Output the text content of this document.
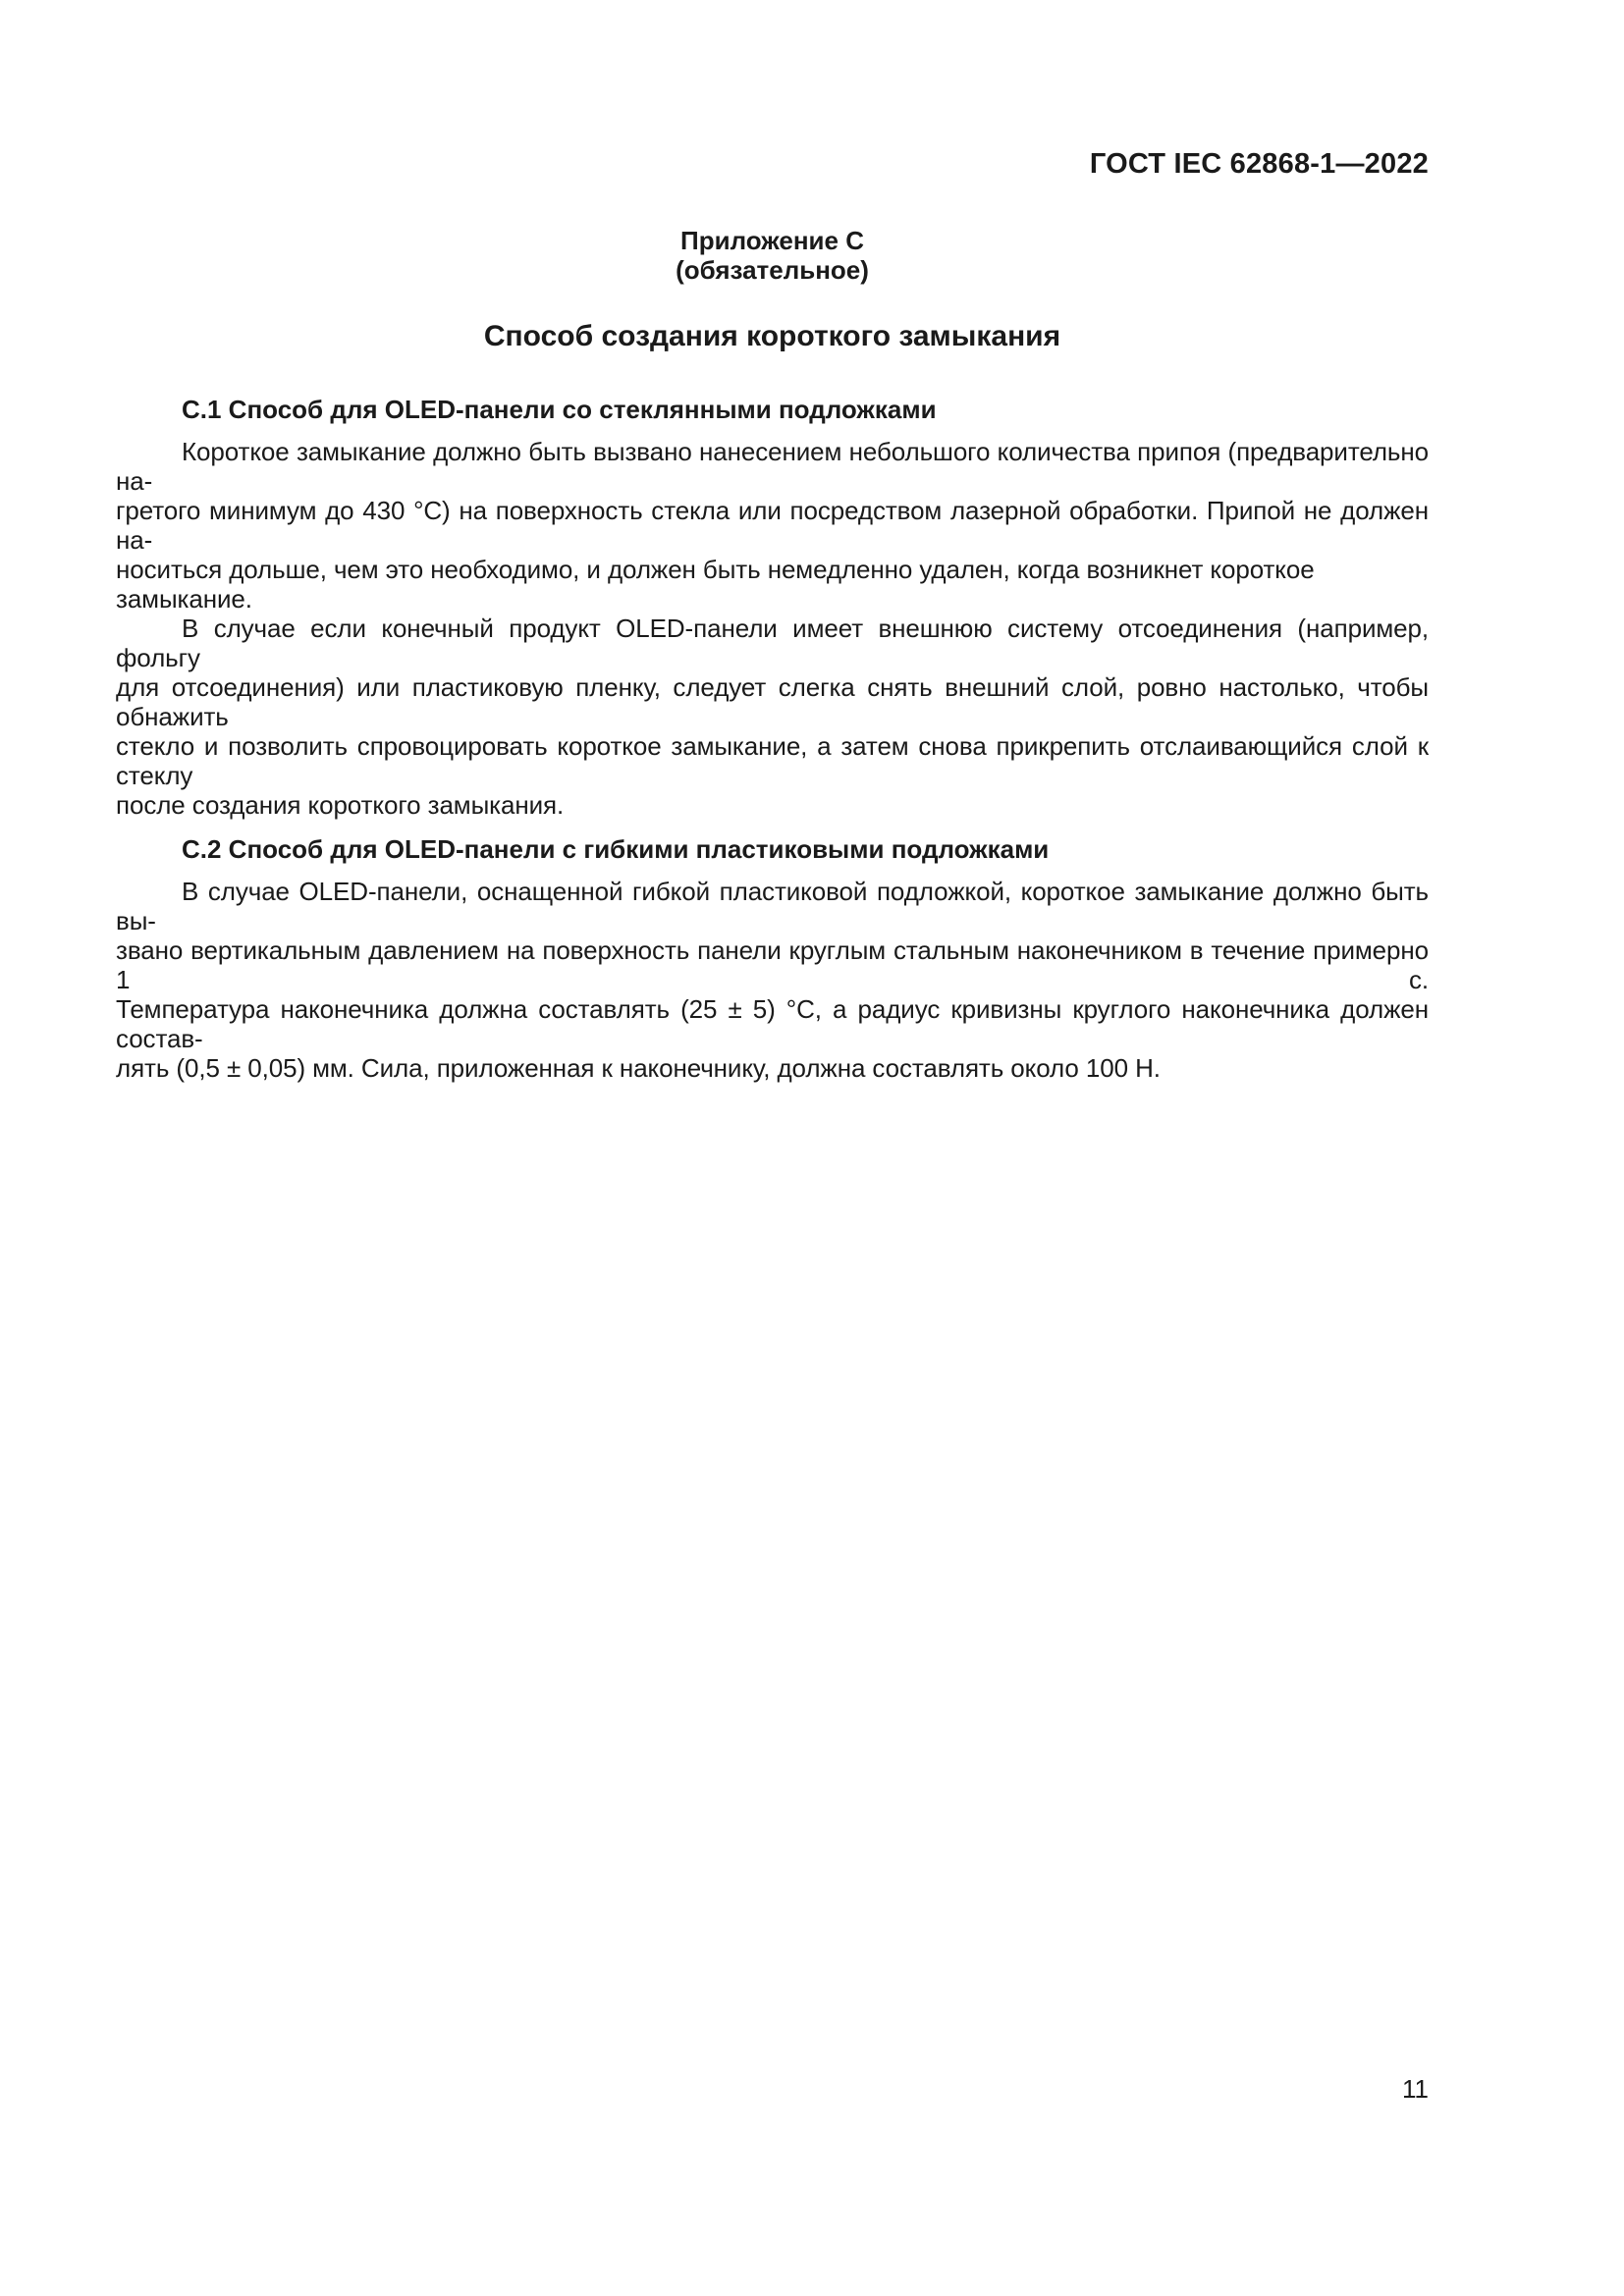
ГОСТ IEC 62868-1—2022
Приложение С
(обязательное)
Способ создания короткого замыкания
С.1 Способ для OLED-панели со стеклянными подложками
Короткое замыкание должно быть вызвано нанесением небольшого количества припоя (предварительно на-
гретого минимум до 430 °С) на поверхность стекла или посредством лазерной обработки. Припой не должен на-
носиться дольше, чем это необходимо, и должен быть немедленно удален, когда возникнет короткое замыкание.
В случае если конечный продукт OLED-панели имеет внешнюю систему отсоединения (например, фольгу
для отсоединения) или пластиковую пленку, следует слегка снять внешний слой, ровно настолько, чтобы обнажить
стекло и позволить спровоцировать короткое замыкание, а затем снова прикрепить отслаивающийся слой к стеклу
после создания короткого замыкания.
С.2 Способ для OLED-панели с гибкими пластиковыми подложками
В случае OLED-панели, оснащенной гибкой пластиковой подложкой, короткое замыкание должно быть вы-
звано вертикальным давлением на поверхность панели круглым стальным наконечником в течение примерно 1 с.
Температура наконечника должна составлять (25 ± 5) °С, а радиус кривизны круглого наконечника должен состав-
лять (0,5 ± 0,05) мм. Сила, приложенная к наконечнику, должна составлять около 100 Н.
11
